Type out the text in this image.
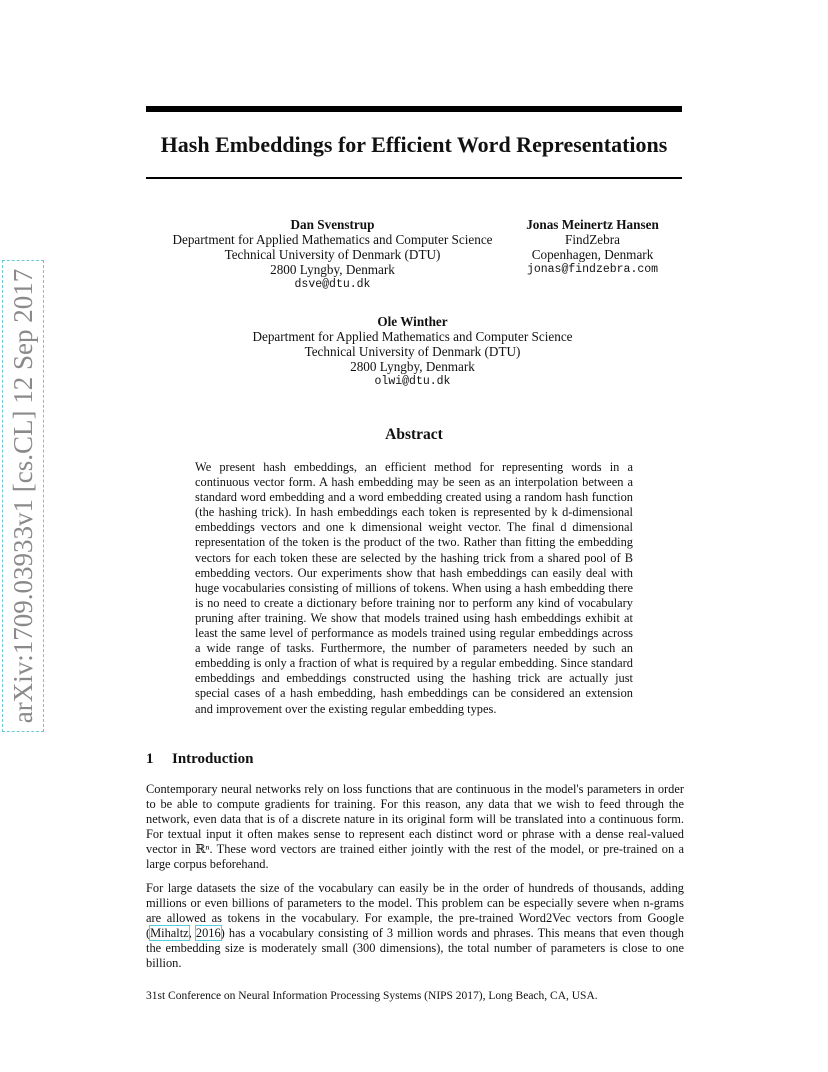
arXiv:1709.03933v1 [cs.CL] 12 Sep 2017
Hash Embeddings for Efficient Word Representations
Dan Svenstrup
Department for Applied Mathematics and Computer Science
Technical University of Denmark (DTU)
2800 Lyngby, Denmark
dsve@dtu.dk
Jonas Meinertz Hansen
FindZebra
Copenhagen, Denmark
jonas@findzebra.com
Ole Winther
Department for Applied Mathematics and Computer Science
Technical University of Denmark (DTU)
2800 Lyngby, Denmark
olwi@dtu.dk
Abstract
We present hash embeddings, an efficient method for representing words in a continuous vector form. A hash embedding may be seen as an interpolation between a standard word embedding and a word embedding created using a random hash function (the hashing trick). In hash embeddings each token is represented by k d-dimensional embeddings vectors and one k dimensional weight vector. The final d dimensional representation of the token is the product of the two. Rather than fitting the embedding vectors for each token these are selected by the hashing trick from a shared pool of B embedding vectors. Our experiments show that hash embeddings can easily deal with huge vocabularies consisting of millions of tokens. When using a hash embedding there is no need to create a dictionary before training nor to perform any kind of vocabulary pruning after training. We show that models trained using hash embeddings exhibit at least the same level of performance as models trained using regular embeddings across a wide range of tasks. Furthermore, the number of parameters needed by such an embedding is only a fraction of what is required by a regular embedding. Since standard embeddings and embeddings constructed using the hashing trick are actually just special cases of a hash embedding, hash embeddings can be considered an extension and improvement over the existing regular embedding types.
1 Introduction
Contemporary neural networks rely on loss functions that are continuous in the model's parameters in order to be able to compute gradients for training. For this reason, any data that we wish to feed through the network, even data that is of a discrete nature in its original form will be translated into a continuous form. For textual input it often makes sense to represent each distinct word or phrase with a dense real-valued vector in ℝⁿ. These word vectors are trained either jointly with the rest of the model, or pre-trained on a large corpus beforehand.
For large datasets the size of the vocabulary can easily be in the order of hundreds of thousands, adding millions or even billions of parameters to the model. This problem can be especially severe when n-grams are allowed as tokens in the vocabulary. For example, the pre-trained Word2Vec vectors from Google (Mihaltz, 2016) has a vocabulary consisting of 3 million words and phrases. This means that even though the embedding size is moderately small (300 dimensions), the total number of parameters is close to one billion.
31st Conference on Neural Information Processing Systems (NIPS 2017), Long Beach, CA, USA.
